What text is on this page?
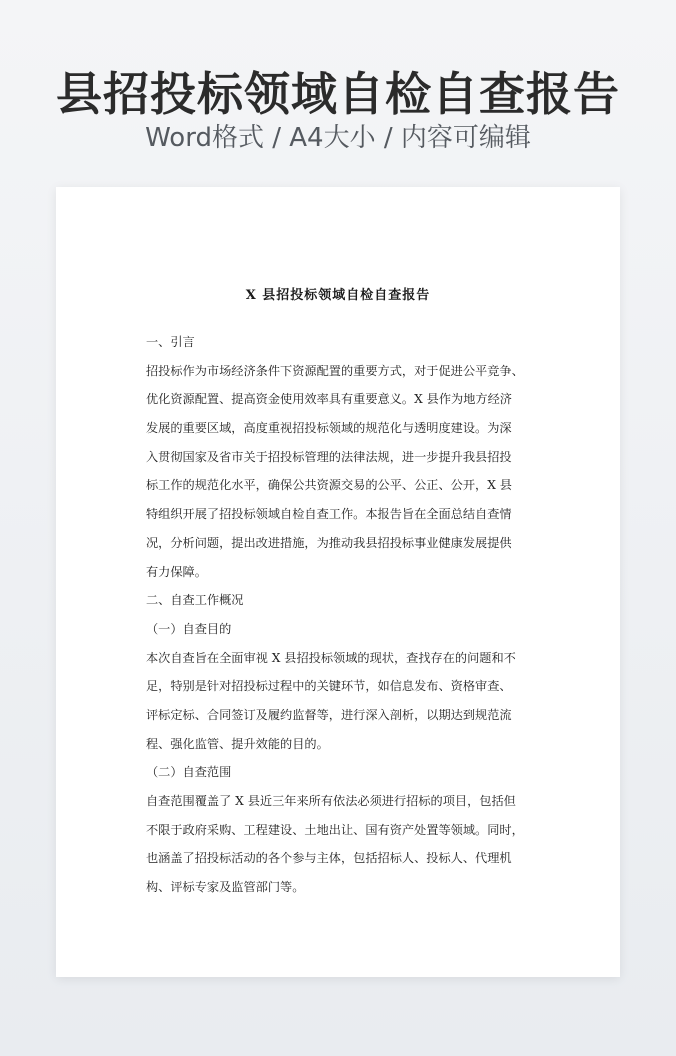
县招投标领域自检自查报告
Word格式 / A4大小 / 内容可编辑
X 县招投标领域自检自查报告
一、引言
招投标作为市场经济条件下资源配置的重要方式，对于促进公平竞争、
优化资源配置、提高资金使用效率具有重要意义。X 县作为地方经济
发展的重要区域，高度重视招投标领域的规范化与透明度建设。为深
入贯彻国家及省市关于招投标管理的法律法规，进一步提升我县招投
标工作的规范化水平，确保公共资源交易的公平、公正、公开，X 县
特组织开展了招投标领域自检自查工作。本报告旨在全面总结自查情
况，分析问题，提出改进措施，为推动我县招投标事业健康发展提供
有力保障。
二、自查工作概况
（一）自查目的
本次自查旨在全面审视 X 县招投标领域的现状，查找存在的问题和不
足，特别是针对招投标过程中的关键环节，如信息发布、资格审查、
评标定标、合同签订及履约监督等，进行深入剖析，以期达到规范流
程、强化监管、提升效能的目的。
（二）自查范围
自查范围覆盖了 X 县近三年来所有依法必须进行招标的项目，包括但
不限于政府采购、工程建设、土地出让、国有资产处置等领域。同时，
也涵盖了招投标活动的各个参与主体，包括招标人、投标人、代理机
构、评标专家及监管部门等。
